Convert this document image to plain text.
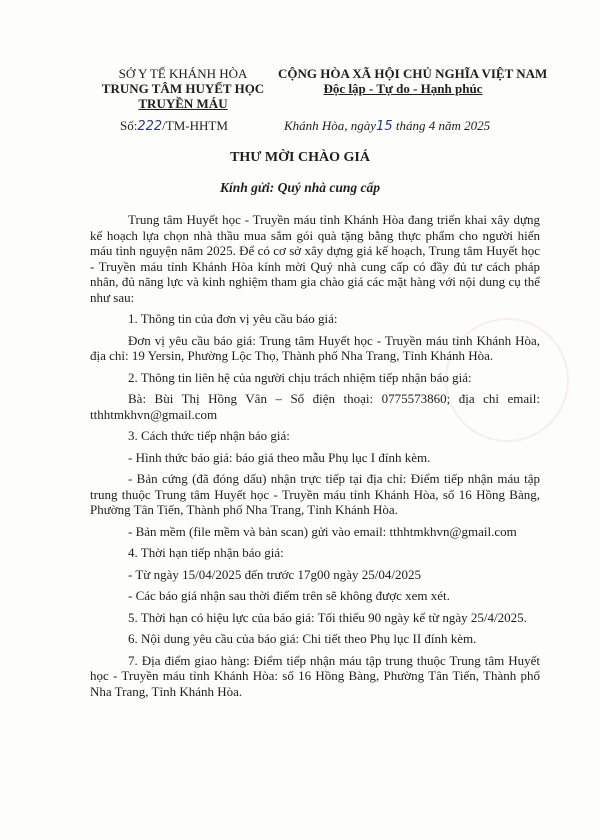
SỞ Y TẾ KHÁNH HÒA
TRUNG TÂM HUYẾT HỌC
TRUYỀN MÁU
CỘNG HÒA XÃ HỘI CHỦ NGHĨA VIỆT NAM
Độc lập - Tự do - Hạnh phúc
Số:222/TM-HHTM	Khánh Hòa, ngày15 tháng 4 năm 2025
THƯ MỜI CHÀO GIÁ
Kính gửi: Quý nhà cung cấp

Trung tâm Huyết học - Truyền máu tỉnh Khánh Hòa đang triển khai xây dựng kế hoạch lựa chọn nhà thầu mua sắm gói quà tặng bằng thực phẩm cho người hiến máu tình nguyện năm 2025. Để có cơ sở xây dựng giá kế hoạch, Trung tâm Huyết học - Truyền máu tỉnh Khánh Hòa kính mời Quý nhà cung cấp có đầy đủ tư cách pháp nhân, đủ năng lực và kinh nghiệm tham gia chào giá các mặt hàng với nội dung cụ thể như sau:

1. Thông tin của đơn vị yêu cầu báo giá:

Đơn vị yêu cầu báo giá: Trung tâm Huyết học - Truyền máu tỉnh Khánh Hòa, địa chỉ: 19 Yersin, Phường Lộc Thọ, Thành phố Nha Trang, Tỉnh Khánh Hòa.

2. Thông tin liên hệ của người chịu trách nhiệm tiếp nhận báo giá:

Bà: Bùi Thị Hồng Vân – Số điện thoại: 0775573860; địa chỉ email: tthhtmkhvn@gmail.com

3. Cách thức tiếp nhận báo giá:

- Hình thức báo giá: báo giá theo mẫu Phụ lục I đính kèm.

- Bản cứng (đã đóng dấu) nhận trực tiếp tại địa chỉ: Điểm tiếp nhận máu tập trung thuộc Trung tâm Huyết học - Truyền máu tỉnh Khánh Hòa, số 16 Hồng Bàng, Phường Tân Tiến, Thành phố Nha Trang, Tỉnh Khánh Hòa.

- Bản mềm (file mềm và bản scan) gửi vào email: tthhtmkhvn@gmail.com

4. Thời hạn tiếp nhận báo giá:

- Từ ngày 15/04/2025 đến trước 17g00 ngày 25/04/2025

- Các báo giá nhận sau thời điểm trên sẽ không được xem xét.

5. Thời hạn có hiệu lực của báo giá: Tối thiểu 90 ngày kể từ ngày 25/4/2025.

6. Nội dung yêu cầu của báo giá: Chi tiết theo Phụ lục II đính kèm.

7. Địa điểm giao hàng: Điểm tiếp nhận máu tập trung thuộc Trung tâm Huyết học - Truyền máu tỉnh Khánh Hòa: số 16 Hồng Bàng, Phường Tân Tiến, Thành phố Nha Trang, Tỉnh Khánh Hòa.
